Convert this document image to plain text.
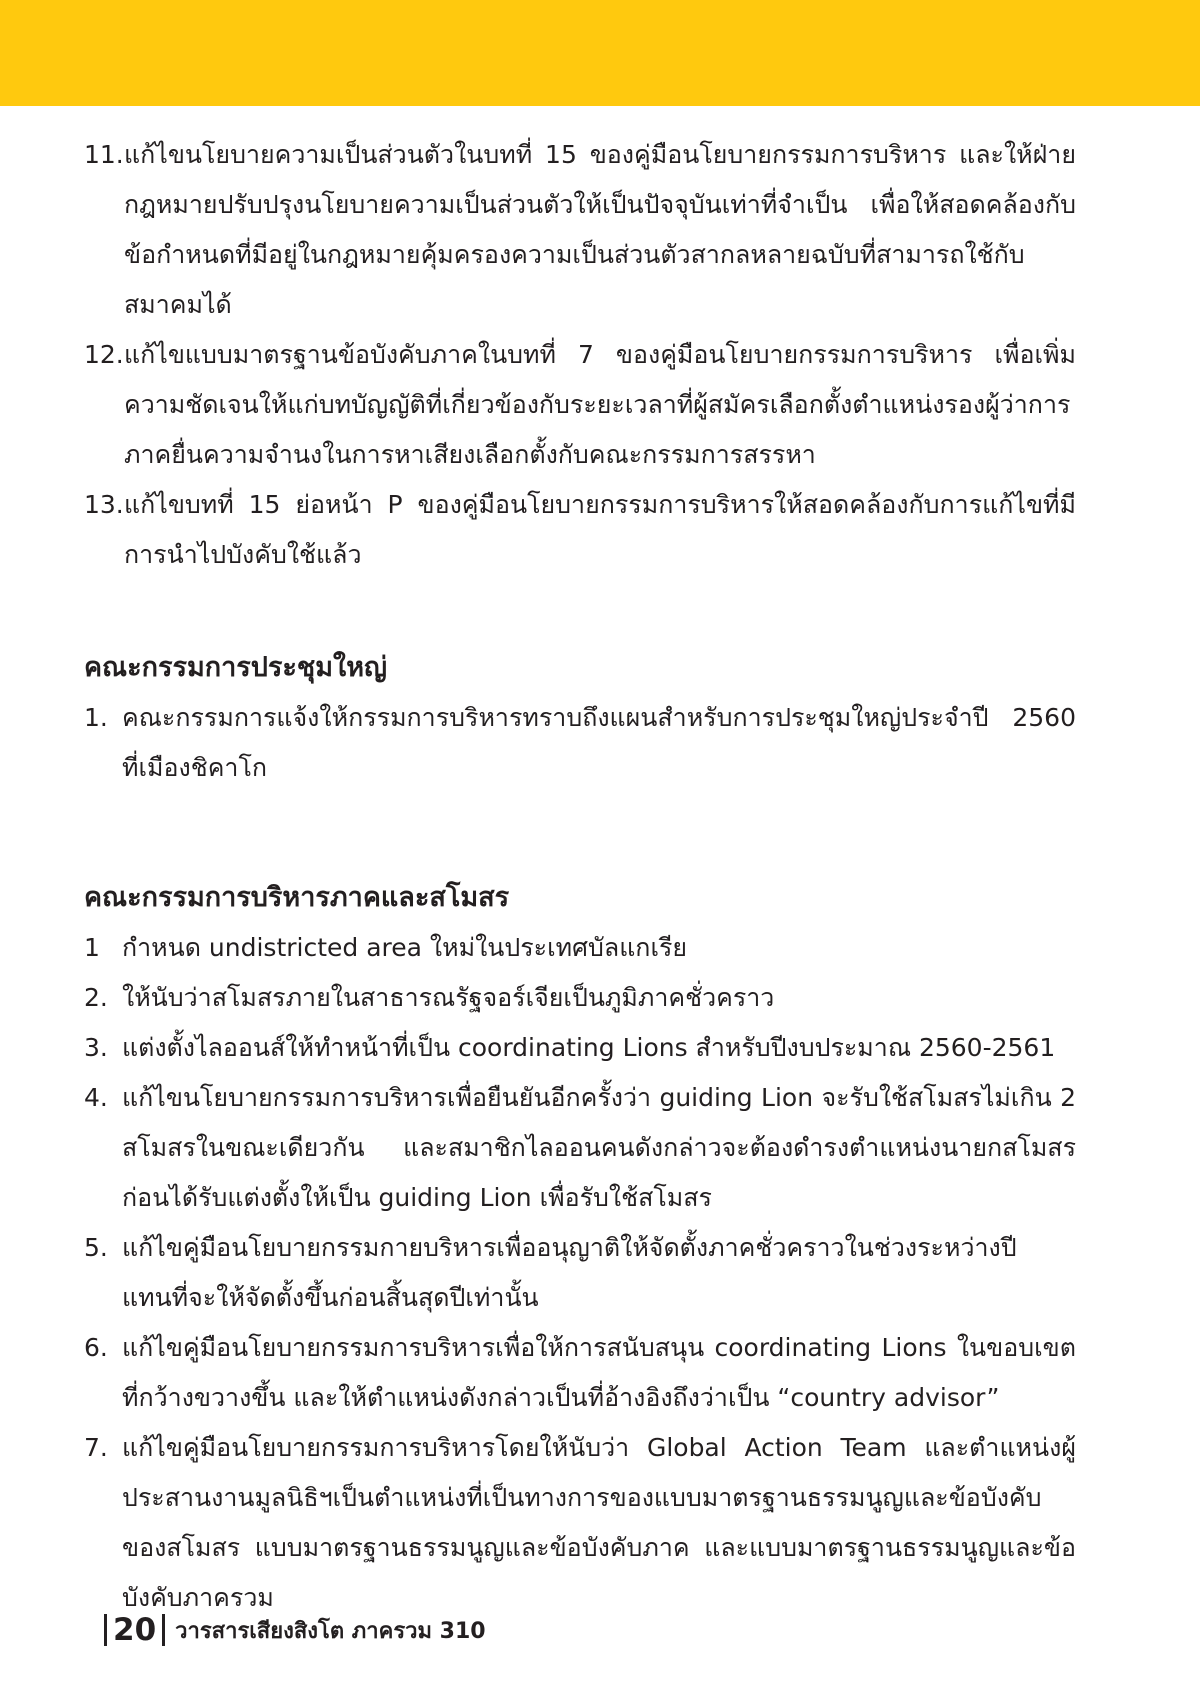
11. แก้ไขนโยบายความเป็นส่วนตัวในบทที่ 15 ของคู่มือนโยบายกรรมการบริหาร และให้ฝ่ายกฎหมายปรับปรุงนโยบายความเป็นส่วนตัวให้เป็นปัจจุบันเท่าที่จำเป็น เพื่อให้สอดคล้องกับข้อกำหนดที่มีอยู่ในกฎหมายคุ้มครองความเป็นส่วนตัวสากลหลายฉบับที่สามารถใช้กับสมาคมได้
12. แก้ไขแบบมาตรฐานข้อบังคับภาคในบทที่ 7 ของคู่มือนโยบายกรรมการบริหาร เพื่อเพิ่มความชัดเจนให้แก่บทบัญญัติที่เกี่ยวข้องกับระยะเวลาที่ผู้สมัครเลือกตั้งตำแหน่งรองผู้ว่าการภาคยื่นความจำนงในการหาเสียงเลือกตั้งกับคณะกรรมการสรรหา
13. แก้ไขบทที่ 15 ย่อหน้า P ของคู่มือนโยบายกรรมการบริหารให้สอดคล้องกับการแก้ไขที่มีการนำไปบังคับใช้แล้ว
คณะกรรมการประชุมใหญ่
1. คณะกรรมการแจ้งให้กรรมการบริหารทราบถึงแผนสำหรับการประชุมใหญ่ประจำปี 2560 ที่เมืองชิคาโก
คณะกรรมการบริหารภาคและสโมสร
1 กำหนด undistricted area ใหม่ในประเทศบัลแกเรีย
2. ให้นับว่าสโมสรภายในสาธารณรัฐจอร์เจียเป็นภูมิภาคชั่วคราว
3. แต่งตั้งไลออนส์ให้ทำหน้าที่เป็น coordinating Lions สำหรับปีงบประมาณ 2560-2561
4. แก้ไขนโยบายกรรมการบริหารเพื่อยืนยันอีกครั้งว่า guiding Lion จะรับใช้สโมสรไม่เกิน 2 สโมสรในขณะเดียวกัน และสมาชิกไลออนคนดังกล่าวจะต้องดำรงตำแหน่งนายกสโมสรก่อนได้รับแต่งตั้งให้เป็น guiding Lion เพื่อรับใช้สโมสร
5. แก้ไขคู่มือนโยบายกรรมกายบริหารเพื่ออนุญาติให้จัดตั้งภาคชั่วคราวในช่วงระหว่างปีแทนที่จะให้จัดตั้งขึ้นก่อนสิ้นสุดปีเท่านั้น
6. แก้ไขคู่มือนโยบายกรรมการบริหารเพื่อให้การสนับสนุน coordinating Lions ในขอบเขตที่กว้างขวางขึ้น และให้ตำแหน่งดังกล่าวเป็นที่อ้างอิงถึงว่าเป็น “country advisor”
7. แก้ไขคู่มือนโยบายกรรมการบริหารโดยให้นับว่า Global Action Team และตำแหน่งผู้ประสานงานมูลนิธิฯเป็นตำแหน่งที่เป็นทางการของแบบมาตรฐานธรรมนูญและข้อบังคับของสโมสร แบบมาตรฐานธรรมนูญและข้อบังคับภาค และแบบมาตรฐานธรรมนูญและข้อบังคับภาครวม
20 วารสารเสียงสิงโต ภาครวม 310
